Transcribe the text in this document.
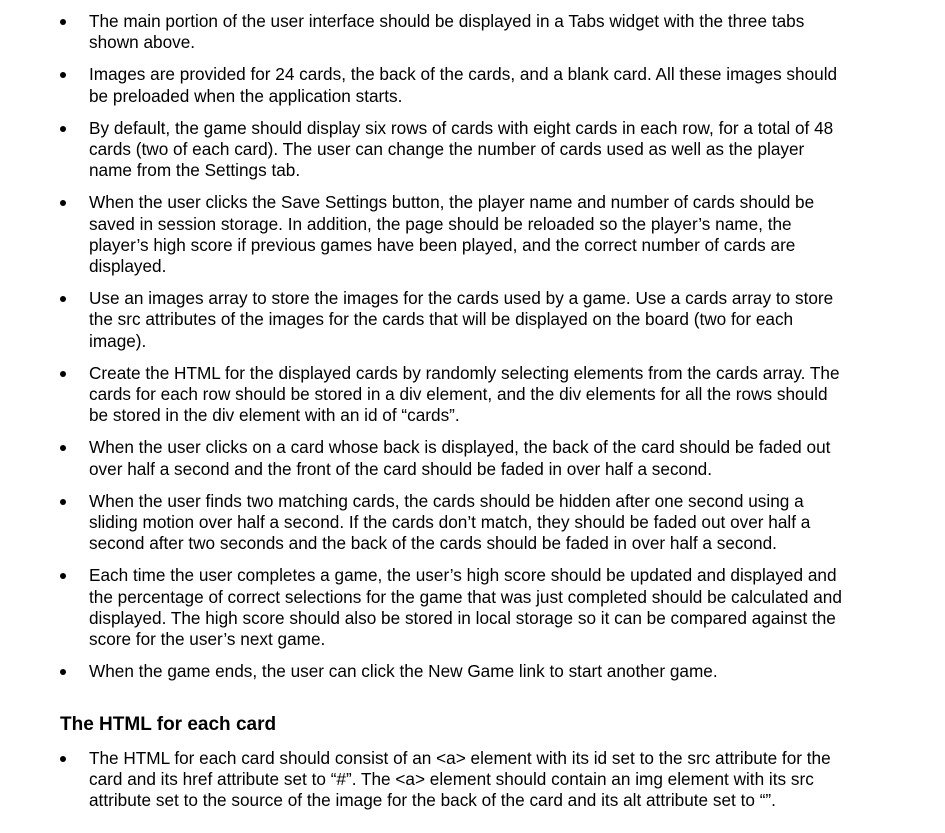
The main portion of the user interface should be displayed in a Tabs widget with the three tabs shown above.
Images are provided for 24 cards, the back of the cards, and a blank card. All these images should be preloaded when the application starts.
By default, the game should display six rows of cards with eight cards in each row, for a total of 48 cards (two of each card). The user can change the number of cards used as well as the player name from the Settings tab.
When the user clicks the Save Settings button, the player name and number of cards should be saved in session storage. In addition, the page should be reloaded so the player’s name, the player’s high score if previous games have been played, and the correct number of cards are displayed.
Use an images array to store the images for the cards used by a game. Use a cards array to store the src attributes of the images for the cards that will be displayed on the board (two for each image).
Create the HTML for the displayed cards by randomly selecting elements from the cards array. The cards for each row should be stored in a div element, and the div elements for all the rows should be stored in the div element with an id of “cards”.
When the user clicks on a card whose back is displayed, the back of the card should be faded out over half a second and the front of the card should be faded in over half a second.
When the user finds two matching cards, the cards should be hidden after one second using a sliding motion over half a second. If the cards don’t match, they should be faded out over half a second after two seconds and the back of the cards should be faded in over half a second.
Each time the user completes a game, the user’s high score should be updated and displayed and the percentage of correct selections for the game that was just completed should be calculated and displayed. The high score should also be stored in local storage so it can be compared against the score for the user’s next game.
When the game ends, the user can click the New Game link to start another game.
The HTML for each card
The HTML for each card should consist of an <a> element with its id set to the src attribute for the card and its href attribute set to “#”. The <a> element should contain an img element with its src attribute set to the source of the image for the back of the card and its alt attribute set to “”.
